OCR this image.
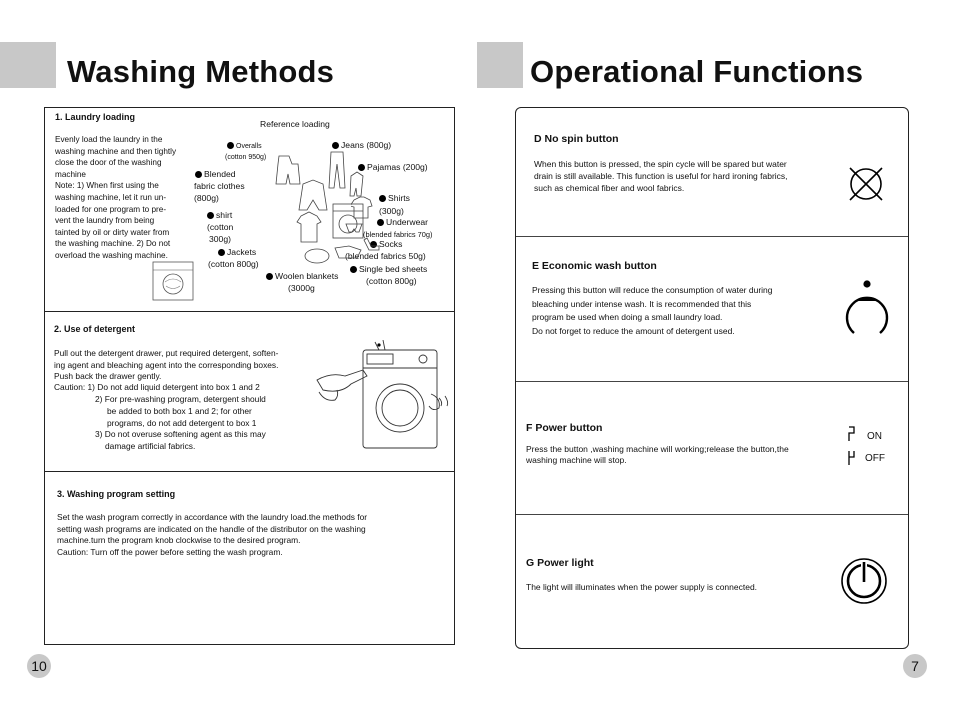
Washing Methods
1. Laundry loading
Evenly load the laundry in the
washing machine and then tightly
close the door of the washing
machine
Note: 1) When first using the
washing machine, let it run un-
loaded for one program to pre-
vent the laundry from being
tainted by oil or dirty water from
the washing machine. 2) Do not
overload the washing machine.
Reference loading
Overalls
(cotton 950g)
Jeans (800g)
Pajamas (200g)
Blended
fabric clothes
(800g)	Shirts
(300g)
shirt
(cotton
300g)
Underwear
(blended fabrics 70g)
Socks
(blended fabrics 50g)
Jackets
(cotton 800g)	Single bed sheets
(cotton 800g)
Woolen blankets
(3000g
2. Use of detergent
Pull out the detergent drawer, put required detergent, soften-
ing agent and bleaching agent into the corresponding boxes.
Push back the drawer gently.
Caution: 1) Do not add liquid detergent into box 1 and 2
2) For pre-washing program, detergent should
be added to both box 1 and 2; for other
programs, do not add detergent to box 1
3) Do not overuse softening agent as this may
damage artificial fabrics.
3. Washing program setting
Set the wash program correctly in accordance with the laundry load.the methods for
setting wash programs are indicated on the handle of the distributor on the washing
machine.turn the program knob clockwise to the desired program.
Caution: Turn off the power before setting the wash program.
10
Operational Functions
D No spin button
When this button is pressed, the spin cycle will be spared but water
drain is still available. This function is useful for hard ironing fabrics,
such as chemical fiber and wool fabrics.
E Economic wash button
Pressing this button will reduce the consumption of water during
bleaching under intense wash. It is recommended that this
program be used when doing a small laundry load.
Do not forget to reduce the amount of detergent used.
F Power button
Press the button ,washing machine will working;release the button,the
washing machine will stop.
ON
OFF
G Power light
The light will illuminates when the power supply is connected.
7
